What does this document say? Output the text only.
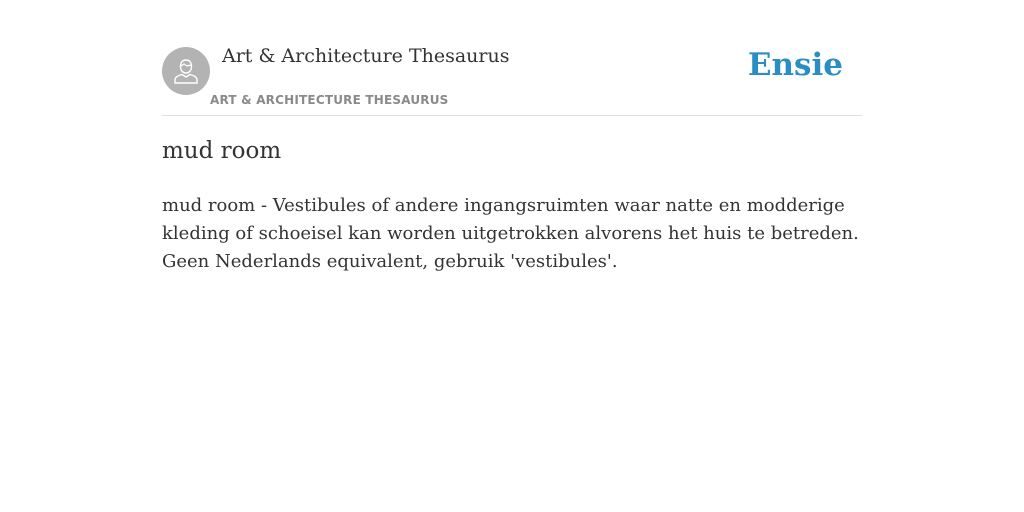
Art & Architecture Thesaurus
ART & ARCHITECTURE THESAURUS
Ensie
mud room

mud room - Vestibules of andere ingangsruimten waar natte en modderige kleding of schoeisel kan worden uitgetrokken alvorens het huis te betreden. Geen Nederlands equivalent, gebruik 'vestibules'.
